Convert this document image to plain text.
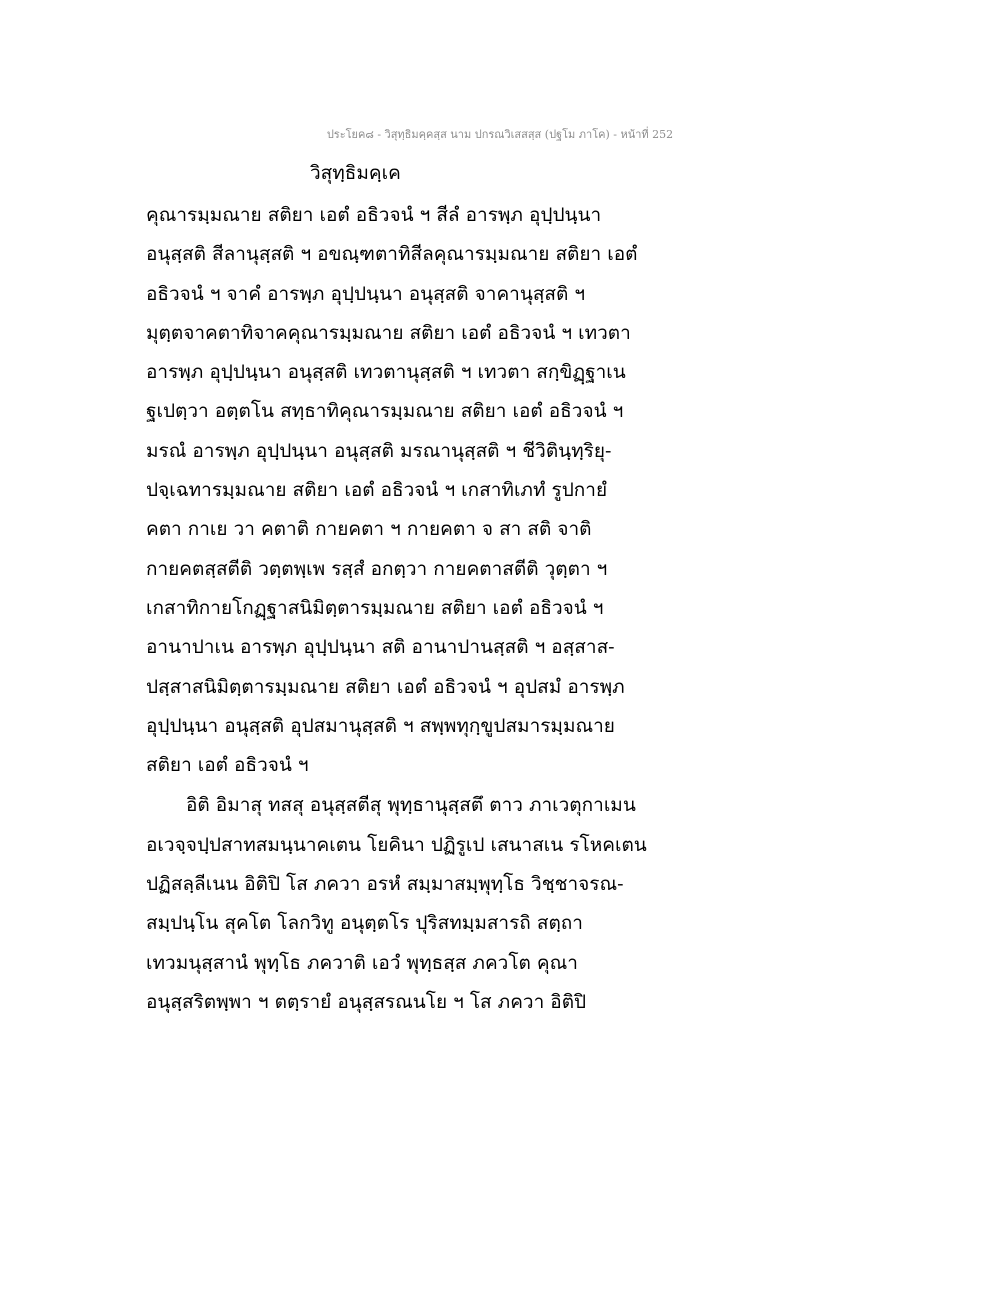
ประโยค๘ - วิสุทฺธิมคฺคสฺส นาม ปกรณวิเสสสฺส (ปฐโม ภาโค) - หน้าที่ 252
วิสุทฺธิมคฺเค
คุณารมฺมณาย สติยา เอตํ อธิวจนํ ฯ สีลํ อารพฺภ อุปฺปนฺนา
อนุสฺสติ สีลานุสฺสติ ฯ อขณฺฑตาทิสีลคุณารมฺมณาย สติยา เอตํ
อธิวจนํ ฯ จาคํ อารพฺภ อุปฺปนฺนา อนุสฺสติ จาคานุสฺสติ ฯ
มุตฺตจาคตาทิจาคคุณารมฺมณาย สติยา เอตํ อธิวจนํ ฯ เทวตา
อารพฺภ อุปฺปนฺนา อนุสฺสติ เทวตานุสฺสติ ฯ เทวตา สกฺขิฏฺฐาเน
ฐเปตฺวา อตฺตโน สทฺธาทิคุณารมฺมณาย สติยา เอตํ อธิวจนํ ฯ
มรณํ อารพฺภ อุปฺปนฺนา อนุสฺสติ มรณานุสฺสติ ฯ ชีวิตินฺทฺริยุ-
ปจฺเฉทารมฺมณาย สติยา เอตํ อธิวจนํ ฯ เกสาทิเภทํ รูปกายํ
คตา กาเย วา คตาติ กายคตา ฯ กายคตา จ สา สติ จาติ
กายคตสฺสตีติ วตฺตพฺเพ รสฺสํ อกตฺวา กายคตาสตีติ วุตฺตา ฯ
เกสาทิกายโกฏฺฐาสนิมิตฺตารมฺมณาย สติยา เอตํ อธิวจนํ ฯ
อานาปาเน อารพฺภ อุปฺปนฺนา สติ อานาปานสฺสติ ฯ อสฺสาส-
ปสฺสาสนิมิตฺตารมฺมณาย สติยา เอตํ อธิวจนํ ฯ อุปสมํ อารพฺภ
อุปฺปนฺนา อนุสฺสติ อุปสมานุสฺสติ ฯ สพฺพทุกฺขูปสมารมฺมณาย
สติยา เอตํ อธิวจนํ ฯ
อิติ อิมาสุ ทสสุ อนุสฺสตีสุ พุทฺธานุสฺสตึ ตาว ภาเวตุกาเมน
อเวจฺจปฺปสาทสมนฺนาคเตน โยคินา ปฏิรูเป เสนาสเน รโหคเตน
ปฏิสลฺลีเนน อิติปิ โส ภควา อรหํ สมฺมาสมฺพุทฺโธ วิชฺชาจรณ-
สมฺปนฺโน สุคโต โลกวิทู อนุตฺตโร ปุริสทมฺมสารถิ สตฺถา
เทวมนุสฺสานํ พุทฺโธ ภควาติ เอวํ พุทฺธสฺส ภควโต คุณา
อนุสฺสริตพฺพา ฯ ตตฺรายํ อนุสฺสรณนโย ฯ โส ภควา อิติปิ
